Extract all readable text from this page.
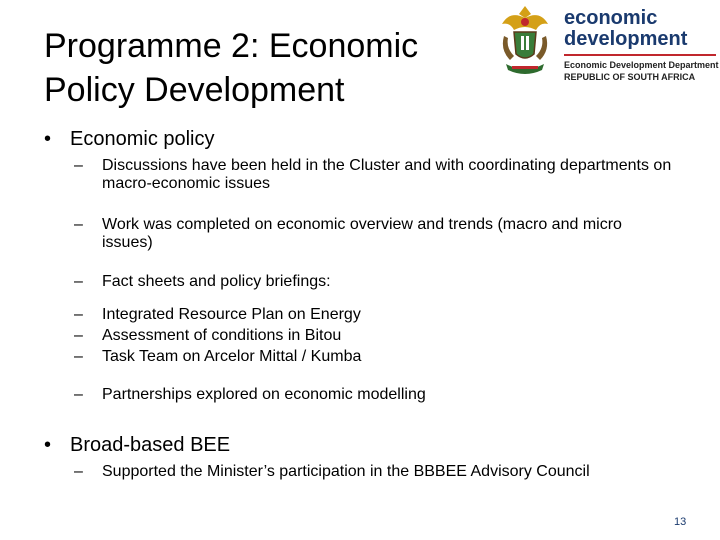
Programme 2: Economic
Policy Development
economic
development
Economic Development Department
REPUBLIC OF SOUTH AFRICA
• Economic policy
– Discussions have been held in the Cluster and with coordinating departments on macro-economic issues
– Work was completed on economic overview and trends (macro and micro issues)
– Fact sheets and policy briefings:
– Integrated Resource Plan on Energy
– Assessment of conditions in Bitou
– Task Team on Arcelor Mittal / Kumba
– Partnerships explored on economic modelling
• Broad-based BEE
– Supported the Minister’s participation in the BBBEE Advisory Council
13
